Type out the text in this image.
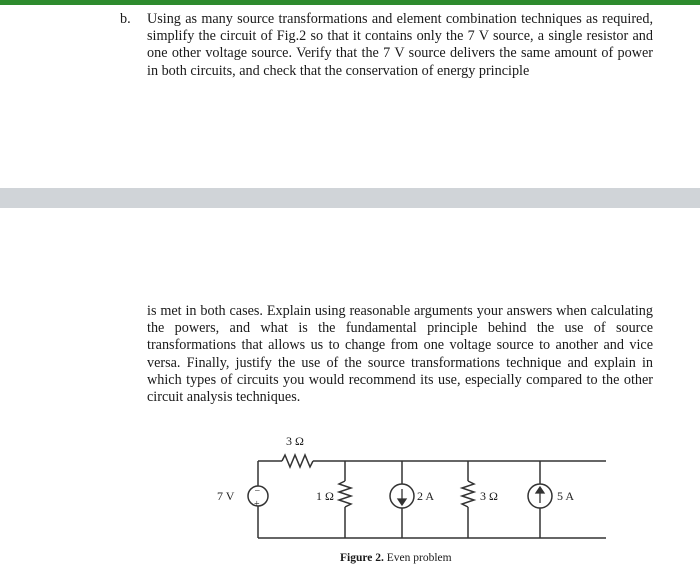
b. Using as many source transformations and element combination techniques as required, simplify the circuit of Fig.2 so that it contains only the 7 V source, a single resistor and one other voltage source. Verify that the 7 V source delivers the same amount of power in both circuits, and check that the conservation of energy principle

is met in both cases. Explain using reasonable arguments your answers when calculating the powers, and what is the fundamental principle behind the use of source transformations that allows us to change from one voltage source to another and vice versa. Finally, justify the use of the source transformations technique and explain in which types of circuits you would recommend its use, especially compared to the other circuit analysis techniques.

−
+
7 V
3 Ω
1 Ω	2 A	3 Ω	5 A
Figure 2. Even problem
